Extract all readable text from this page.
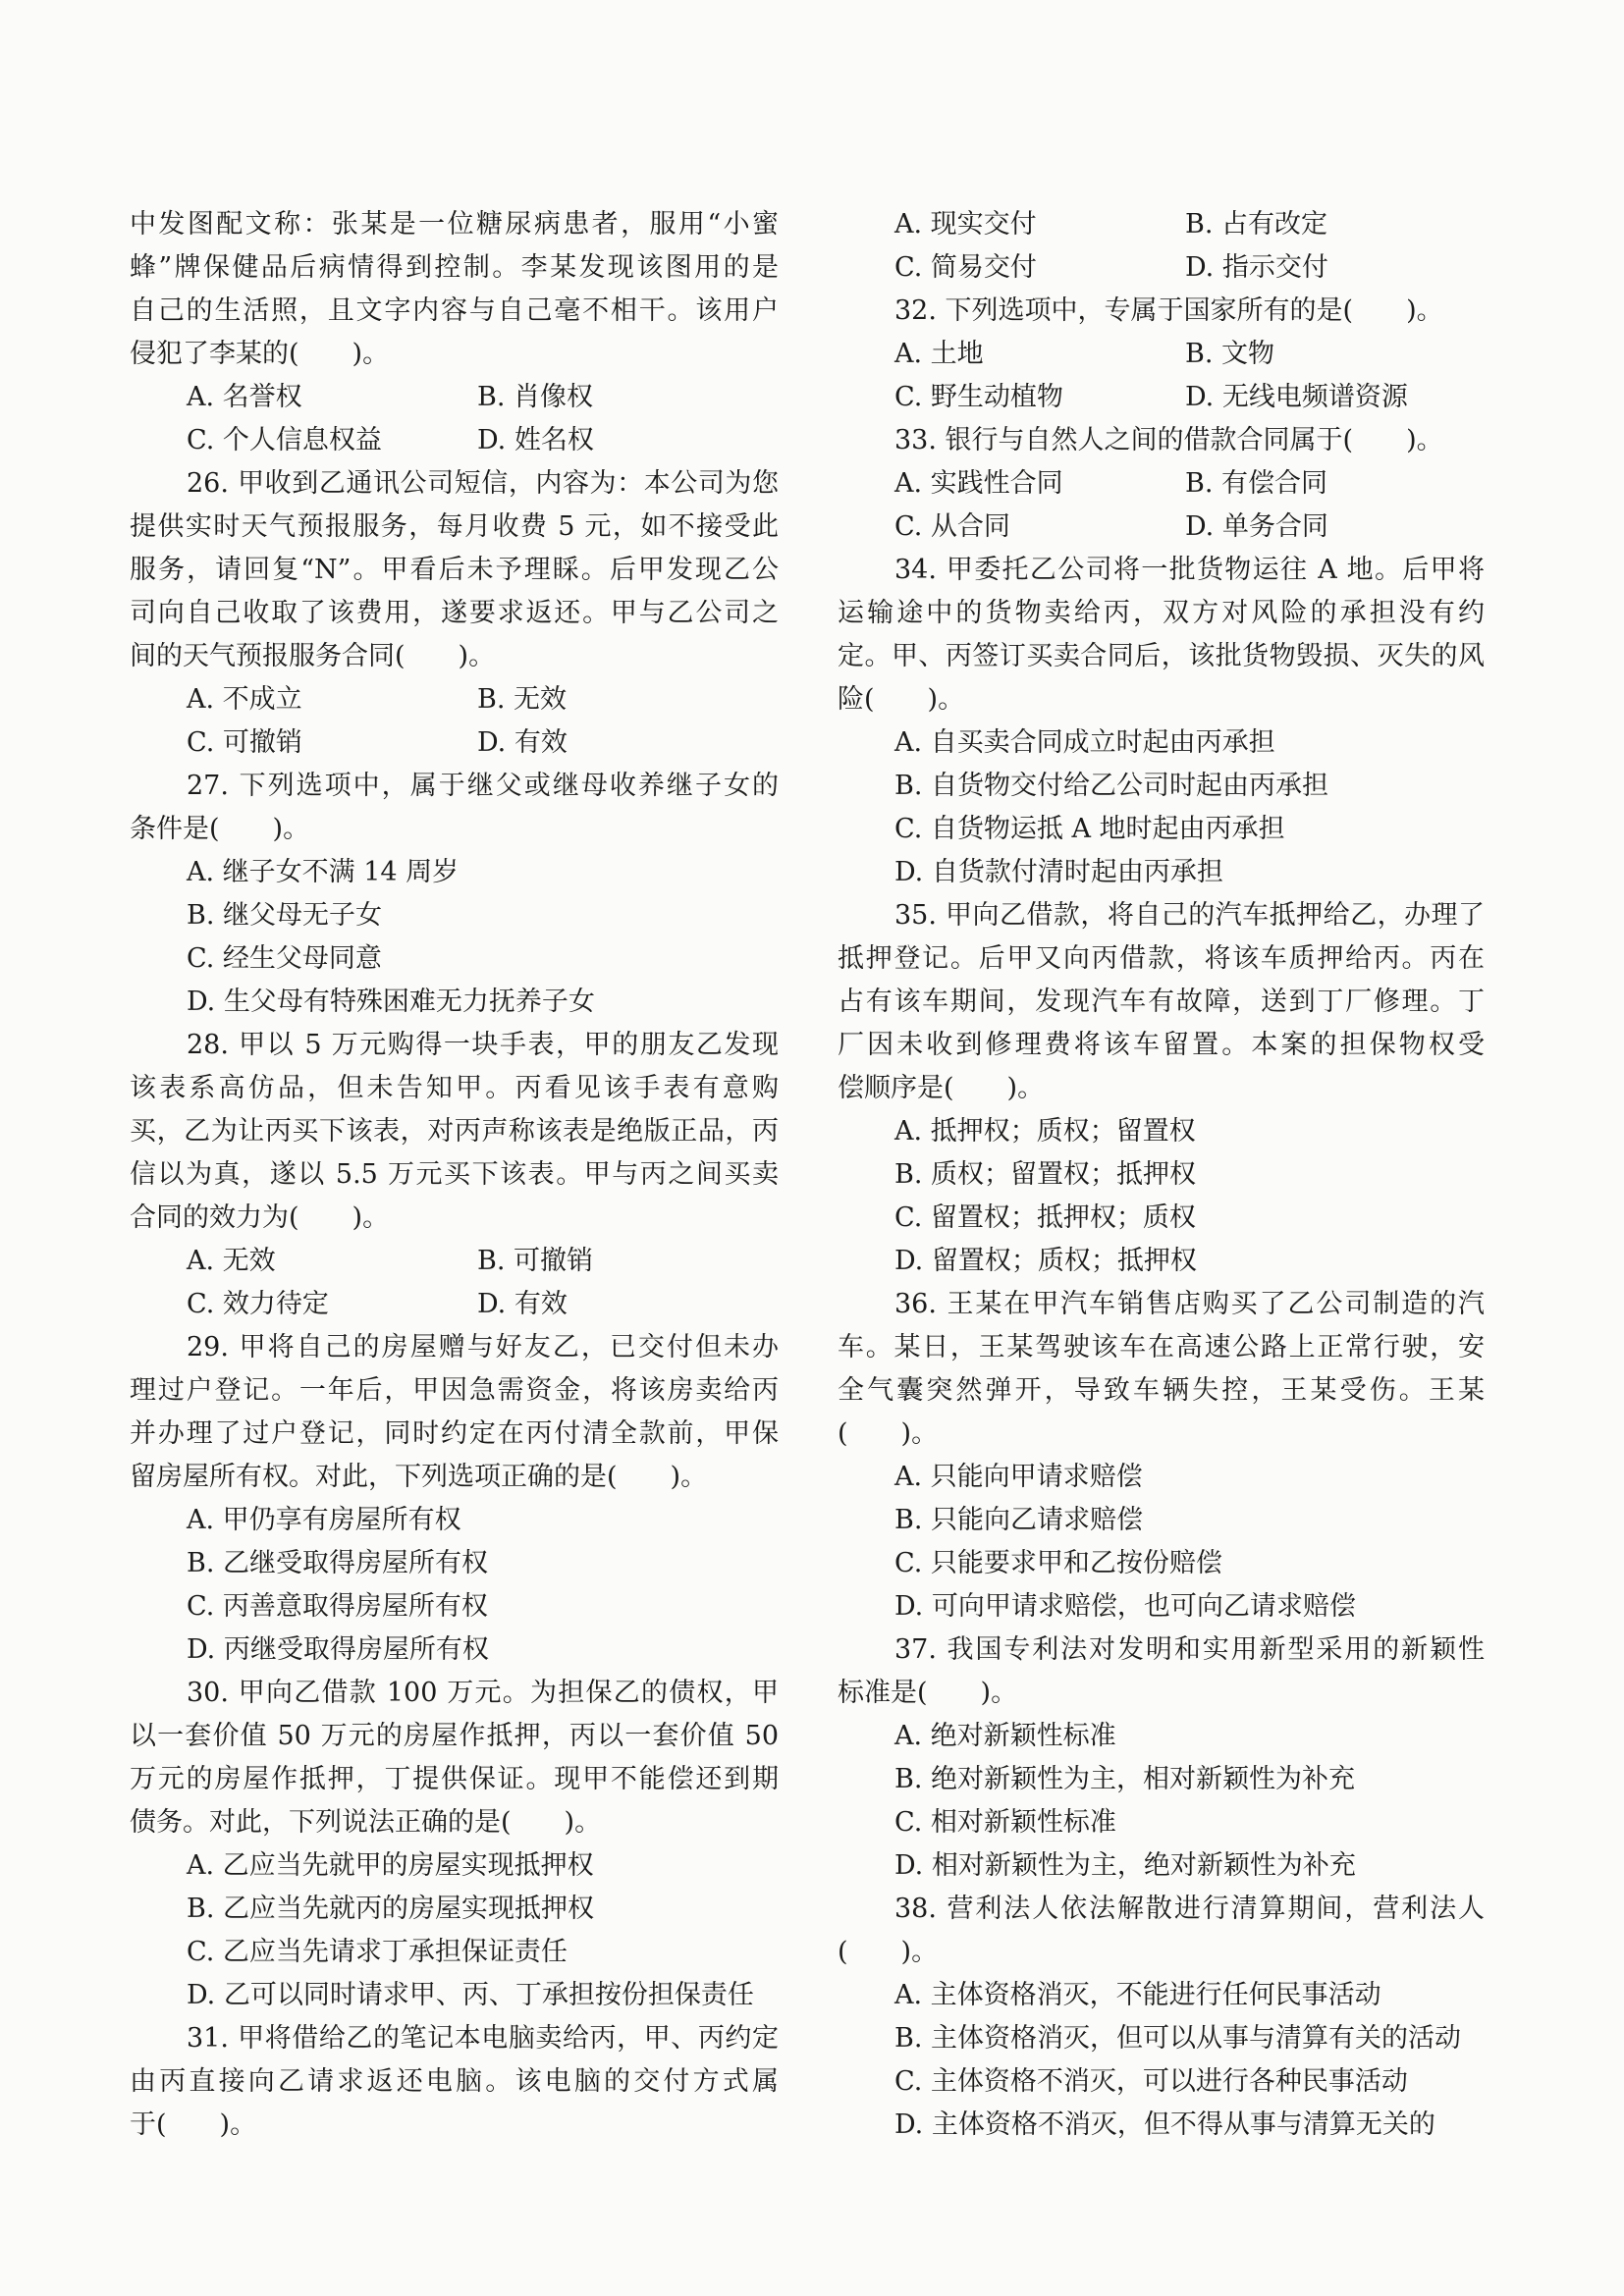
中发图配文称：张某是一位糖尿病患者，服用“小蜜
蜂”牌保健品后病情得到控制。李某发现该图用的是
自己的生活照，且文字内容与自己毫不相干。该用户
侵犯了李某的(　　)。
A. 名誉权	B. 肖像权
C. 个人信息权益	D. 姓名权
26. 甲收到乙通讯公司短信，内容为：本公司为您
提供实时天气预报服务，每月收费 5 元，如不接受此
服务，请回复“N”。甲看后未予理睬。后甲发现乙公
司向自己收取了该费用，遂要求返还。甲与乙公司之
间的天气预报服务合同(　　)。
A. 不成立	B. 无效
C. 可撤销	D. 有效
27. 下列选项中，属于继父或继母收养继子女的
条件是(　　)。
A. 继子女不满 14 周岁
B. 继父母无子女
C. 经生父母同意
D. 生父母有特殊困难无力抚养子女
28. 甲以 5 万元购得一块手表，甲的朋友乙发现
该表系高仿品，但未告知甲。丙看见该手表有意购
买，乙为让丙买下该表，对丙声称该表是绝版正品，丙
信以为真，遂以 5.5 万元买下该表。甲与丙之间买卖
合同的效力为(　　)。
A. 无效	B. 可撤销
C. 效力待定	D. 有效
29. 甲将自己的房屋赠与好友乙，已交付但未办
理过户登记。一年后，甲因急需资金，将该房卖给丙
并办理了过户登记，同时约定在丙付清全款前，甲保
留房屋所有权。对此，下列选项正确的是(　　)。
A. 甲仍享有房屋所有权
B. 乙继受取得房屋所有权
C. 丙善意取得房屋所有权
D. 丙继受取得房屋所有权
30. 甲向乙借款 100 万元。为担保乙的债权，甲
以一套价值 50 万元的房屋作抵押，丙以一套价值 50
万元的房屋作抵押，丁提供保证。现甲不能偿还到期
债务。对此，下列说法正确的是(　　)。
A. 乙应当先就甲的房屋实现抵押权
B. 乙应当先就丙的房屋实现抵押权
C. 乙应当先请求丁承担保证责任
D. 乙可以同时请求甲、丙、丁承担按份担保责任
31. 甲将借给乙的笔记本电脑卖给丙，甲、丙约定
由丙直接向乙请求返还电脑。该电脑的交付方式属
于(　　)。
A. 现实交付	B. 占有改定
C. 简易交付	D. 指示交付
32. 下列选项中，专属于国家所有的是(　　)。
A. 土地	B. 文物
C. 野生动植物	D. 无线电频谱资源
33. 银行与自然人之间的借款合同属于(　　)。
A. 实践性合同	B. 有偿合同
C. 从合同	D. 单务合同
34. 甲委托乙公司将一批货物运往 A 地。后甲将
运输途中的货物卖给丙，双方对风险的承担没有约
定。甲、丙签订买卖合同后，该批货物毁损、灭失的风
险(　　)。
A. 自买卖合同成立时起由丙承担
B. 自货物交付给乙公司时起由丙承担
C. 自货物运抵 A 地时起由丙承担
D. 自货款付清时起由丙承担
35. 甲向乙借款，将自己的汽车抵押给乙，办理了
抵押登记。后甲又向丙借款，将该车质押给丙。丙在
占有该车期间，发现汽车有故障，送到丁厂修理。丁
厂因未收到修理费将该车留置。本案的担保物权受
偿顺序是(　　)。
A. 抵押权；质权；留置权
B. 质权；留置权；抵押权
C. 留置权；抵押权；质权
D. 留置权；质权；抵押权
36. 王某在甲汽车销售店购买了乙公司制造的汽
车。某日，王某驾驶该车在高速公路上正常行驶，安
全气囊突然弹开，导致车辆失控，王某受伤。王某
(　　)。
A. 只能向甲请求赔偿
B. 只能向乙请求赔偿
C. 只能要求甲和乙按份赔偿
D. 可向甲请求赔偿，也可向乙请求赔偿
37. 我国专利法对发明和实用新型采用的新颖性
标准是(　　)。
A. 绝对新颖性标准
B. 绝对新颖性为主，相对新颖性为补充
C. 相对新颖性标准
D. 相对新颖性为主，绝对新颖性为补充
38. 营利法人依法解散进行清算期间，营利法人
(　　)。
A. 主体资格消灭，不能进行任何民事活动
B. 主体资格消灭，但可以从事与清算有关的活动
C. 主体资格不消灭，可以进行各种民事活动
D. 主体资格不消灭，但不得从事与清算无关的
